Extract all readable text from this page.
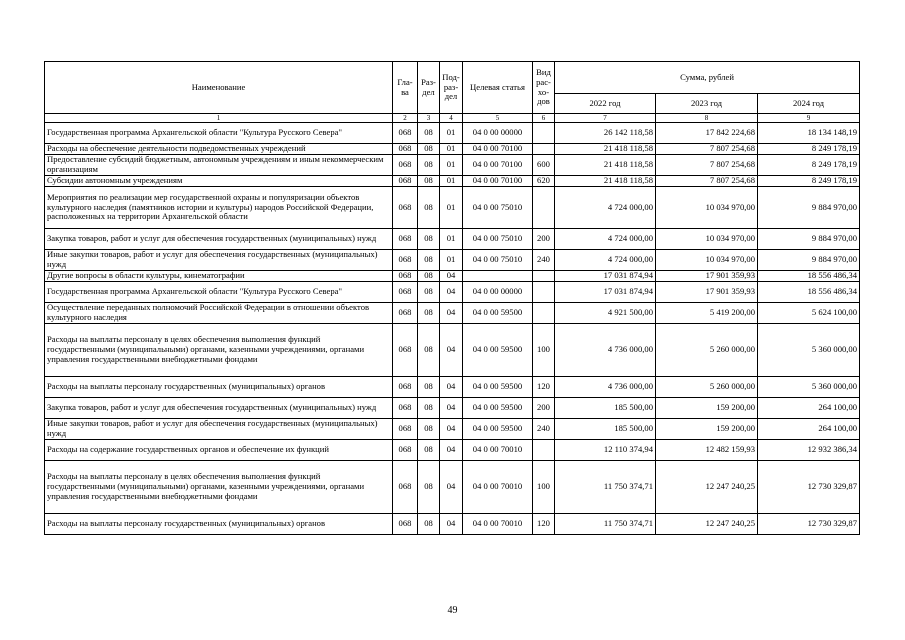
Наименование	Гла-ва	Раз-дел	Под-раз-дел	Целевая статья	Вид рас-хо-дов	Сумма, рублей		
						2022 год	2023 год	2024 год
1	2	3	4	5	6	7	8	9
Государственная программа Архангельской области "Культура Русского Севера"	068	08	01	04 0 00 00000		26 142 118,58	17 842 224,68	18 134 148,19
Расходы на обеспечение деятельности подведомственных учреждений	068	08	01	04 0 00 70100		21 418 118,58	7 807 254,68	8 249 178,19
Предоставление субсидий бюджетным, автономным учреждениям и иным некоммерческим организациям	068	08	01	04 0 00 70100	600	21 418 118,58	7 807 254,68	8 249 178,19
Субсидии автономным учреждениям	068	08	01	04 0 00 70100	620	21 418 118,58	7 807 254,68	8 249 178,19
Мероприятия по реализации мер государственной охраны и популяризации объектов культурного наследия (памятников истории и культуры) народов Российской Федерации, расположенных на территории Архангельской области	068	08	01	04 0 00 75010		4 724 000,00	10 034 970,00	9 884 970,00
Закупка товаров, работ и услуг для обеспечения государственных (муниципальных) нужд	068	08	01	04 0 00 75010	200	4 724 000,00	10 034 970,00	9 884 970,00
Иные закупки товаров, работ и услуг для обеспечения государственных (муниципальных) нужд	068	08	01	04 0 00 75010	240	4 724 000,00	10 034 970,00	9 884 970,00
Другие вопросы в области культуры, кинематографии	068	08	04			17 031 874,94	17 901 359,93	18 556 486,34
Государственная программа Архангельской области "Культура Русского Севера"	068	08	04	04 0 00 00000		17 031 874,94	17 901 359,93	18 556 486,34
Осуществление переданных полномочий Российской Федерации в отношении объектов культурного наследия	068	08	04	04 0 00 59500		4 921 500,00	5 419 200,00	5 624 100,00
Расходы на выплаты персоналу в целях обеспечения выполнения функций государственными (муниципальными) органами, казенными учреждениями, органами управления государственными внебюджетными фондами	068	08	04	04 0 00 59500	100	4 736 000,00	5 260 000,00	5 360 000,00
Расходы на выплаты персоналу государственных (муниципальных) органов	068	08	04	04 0 00 59500	120	4 736 000,00	5 260 000,00	5 360 000,00
Закупка товаров, работ и услуг для обеспечения государственных (муниципальных) нужд	068	08	04	04 0 00 59500	200	185 500,00	159 200,00	264 100,00
Иные закупки товаров, работ и услуг для обеспечения государственных (муниципальных) нужд	068	08	04	04 0 00 59500	240	185 500,00	159 200,00	264 100,00
Расходы на содержание государственных органов и обеспечение их функций	068	08	04	04 0 00 70010		12 110 374,94	12 482 159,93	12 932 386,34
Расходы на выплаты персоналу в целях обеспечения выполнения функций государственными (муниципальными) органами, казенными учреждениями, органами управления государственными внебюджетными фондами	068	08	04	04 0 00 70010	100	11 750 374,71	12 247 240,25	12 730 329,87
Расходы на выплаты персоналу государственных (муниципальных) органов	068	08	04	04 0 00 70010	120	11 750 374,71	12 247 240,25	12 730 329,87
49
